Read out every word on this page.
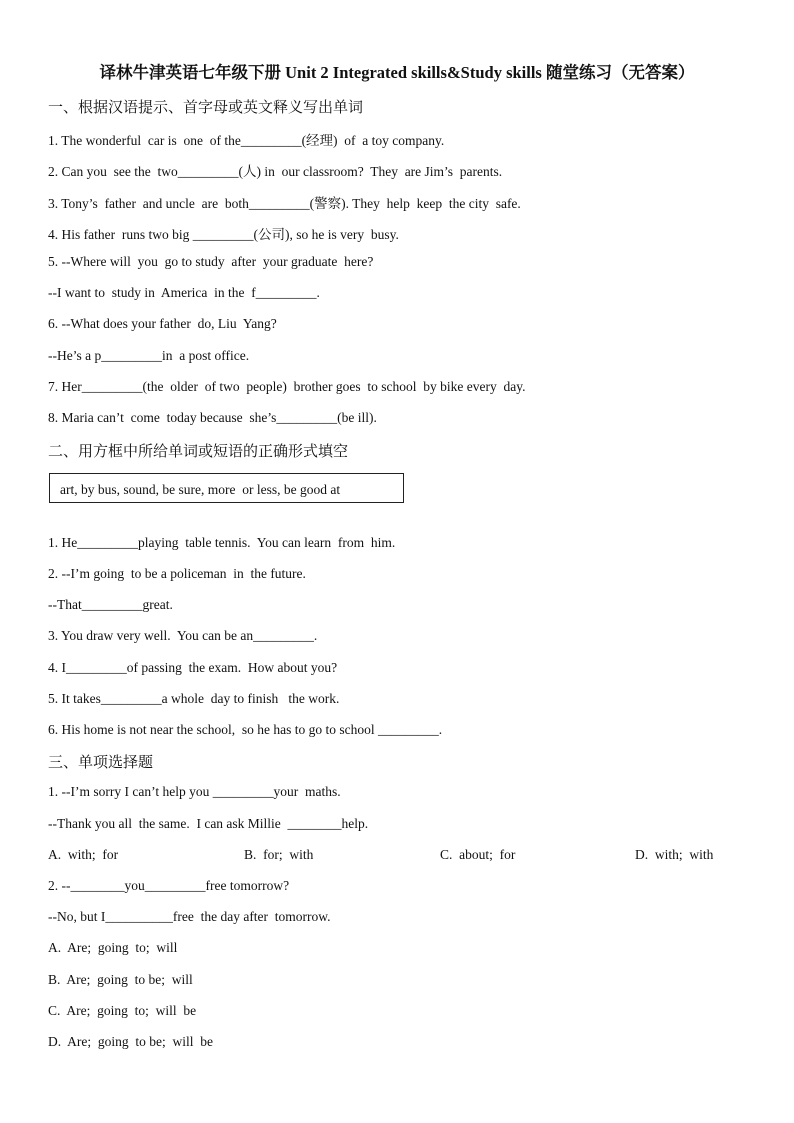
译林牛津英语七年级下册 Unit 2 Integrated skills&Study skills 随堂练习（无答案）
一、根据汉语提示、首字母或英文释义写出单词
1. The wonderful  car is  one  of the_________(经理)  of  a toy company.
2. Can you  see the  two_________(人) in  our classroom?  They  are Jim’s  parents.
3. Tony’s  father  and uncle  are  both_________(警察). They  help  keep  the city  safe.
4. His father  runs two big _________(公司), so he is very  busy.
5. --Where will  you  go to study  after  your graduate  here?
--I want to  study in  America  in the  f_________.
6. --What does your father  do, Liu  Yang?
--He’s a p_________in  a post office.
7. Her_________(the  older  of two  people)  brother goes  to school  by bike every  day.
8. Maria can’t  come  today because  she’s_________(be ill).
二、用方框中所给单词或短语的正确形式填空
art, by bus, sound, be sure, more  or less, be good at
1. He_________playing  table tennis.  You can learn  from  him.
2. --I’m going  to be a policeman  in  the future.
--That_________great.
3. You draw very well.  You can be an_________.
4. I_________of passing  the exam.  How about you?
5. It takes_________a whole  day to finish   the work.
6. His home is not near the school,  so he has to go to school _________.
三、单项选择题
1. --I’m sorry I can’t help you _________your  maths.
--Thank you all  the same.  I can ask Millie  ________help.
A.  with;  for	B.  for;  with	C.  about;  for	D.  with;  with
2. --________you_________free tomorrow?
--No, but I__________free  the day after  tomorrow.
A.  Are;  going  to;  will
B.  Are;  going  to be;  will
C.  Are;  going  to;  will  be
D.  Are;  going  to be;  will  be
